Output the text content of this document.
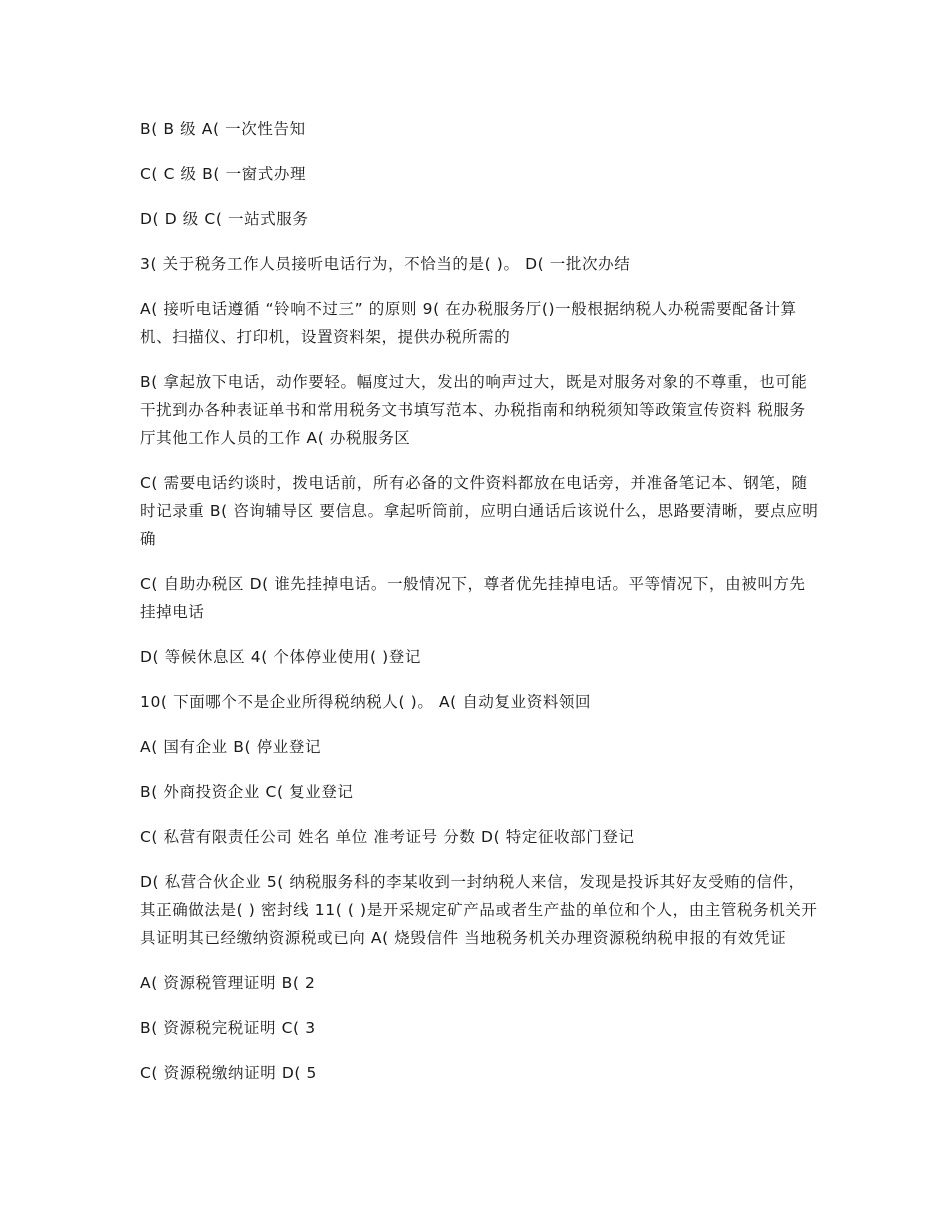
B( B 级 A( 一次性告知

C( C 级 B( 一窗式办理

D( D 级 C( 一站式服务

3( 关于税务工作人员接听电话行为，不恰当的是( )。 D( 一批次办结

A( 接听电话遵循 “铃响不过三” 的原则 9( 在办税服务厅()一般根据纳税人办税需要配备计算机、扫描仪、打印机，设置资料架，提供办税所需的

B( 拿起放下电话，动作要轻。幅度过大，发出的响声过大，既是对服务对象的不尊重，也可能干扰到办各种表证单书和常用税务文书填写范本、办税指南和纳税须知等政策宣传资料 税服务厅其他工作人员的工作 A( 办税服务区

C( 需要电话约谈时，拨电话前，所有必备的文件资料都放在电话旁，并准备笔记本、钢笔，随时记录重 B( 咨询辅导区 要信息。拿起听筒前，应明白通话后该说什么，思路要清晰，要点应明确

C( 自助办税区 D( 谁先挂掉电话。一般情况下，尊者优先挂掉电话。平等情况下，由被叫方先挂掉电话

D( 等候休息区 4( 个体停业使用( )登记

10( 下面哪个不是企业所得税纳税人( )。 A( 自动复业资料领回

A( 国有企业 B( 停业登记

B( 外商投资企业 C( 复业登记

C( 私营有限责任公司 姓名 单位 准考证号 分数 D( 特定征收部门登记

D( 私营合伙企业 5( 纳税服务科的李某收到一封纳税人来信，发现是投诉其好友受贿的信件，其正确做法是( ) 密封线 11( ( )是开采规定矿产品或者生产盐的单位和个人，由主管税务机关开具证明其已经缴纳资源税或已向 A( 烧毁信件 当地税务机关办理资源税纳税申报的有效凭证

A( 资源税管理证明 B( 2

B( 资源税完税证明 C( 3

C( 资源税缴纳证明 D( 5
